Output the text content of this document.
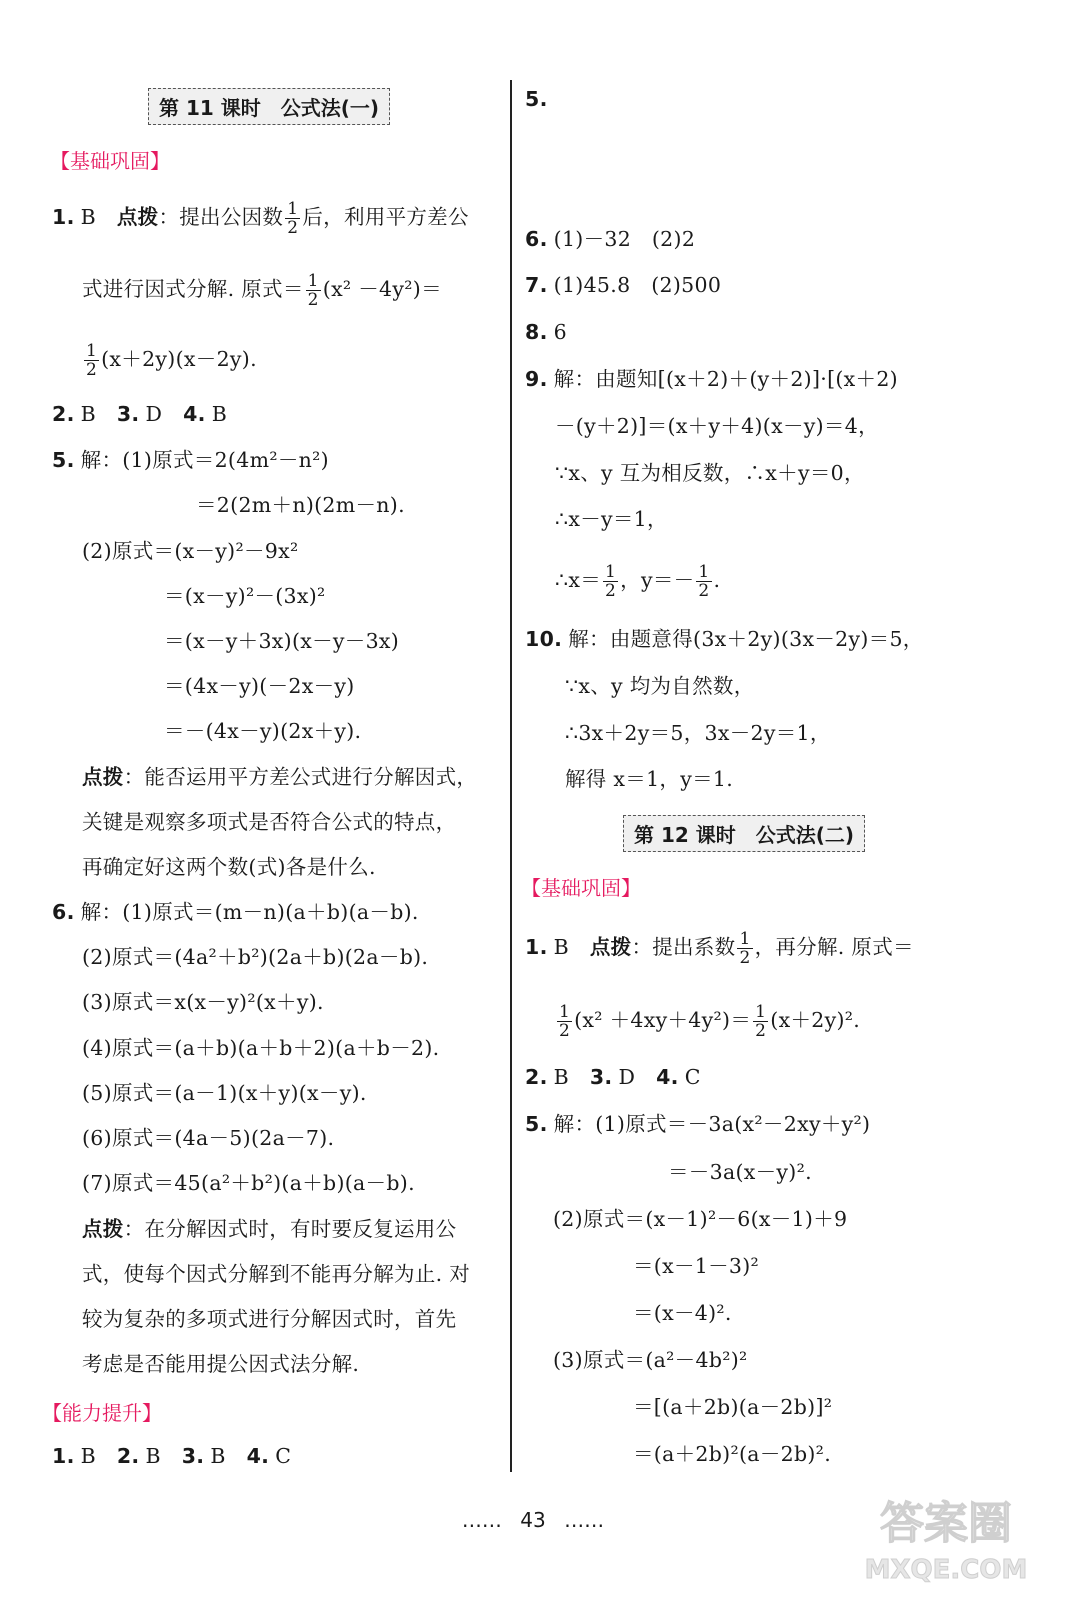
第 11 课时　公式法(一)
【基础巩固】
1. B　点拨：提出公因数 $\frac{1}{2}$ 后，利用平方差公
式进行因式分解. 原式＝ $\frac{1}{2} (x^2 -4y^2)=$
$\frac{1}{2} (x+2y)(x-2y)$.
2. B 3. D 4. B
5. 解：(1)原式＝2(4m²－n²)
＝2(2m＋n)(2m－n).
(2)原式＝(x－y)²－9x²
＝(x－y)²－(3x)²
＝(x－y＋3x)(x－y－3x)
＝(4x－y)(－2x－y)
＝－(4x－y)(2x＋y).
点拨：能否运用平方差公式进行分解因式，
关键是观察多项式是否符合公式的特点，
再确定好这两个数(式)各是什么.
6. 解：(1)原式＝(m－n)(a＋b)(a－b).
(2)原式＝(4a²＋b²)(2a＋b)(2a－b).
(3)原式＝x(x－y)²(x＋y).
(4)原式＝(a＋b)(a＋b＋2)(a＋b－2).
(5)原式＝(a－1)(x＋y)(x－y).
(6)原式＝(4a－5)(2a－7).
(7)原式＝45(a²＋b²)(a＋b)(a－b).
点拨：在分解因式时，有时要反复运用公
式，使每个因式分解到不能再分解为止. 对
较为复杂的多项式进行分解因式时，首先
考虑是否能用提公因式法分解.
【能力提升】
1. B 2. B 3. B 4. C
5.
6. (1)－32　(2)2
7. (1)45.8　(2)500
8. 6
9. 解：由题知[(x＋2)＋(y＋2)]·[(x＋2)
－(y＋2)]＝(x＋y＋4)(x－y)＝4，
∵x、y 互为相反数，∴x＋y＝0，
∴x－y＝1，
∴x＝ $\frac{1}{2}$ ，$y=- \frac{1}{2}$ .
10. 解：由题意得(3x＋2y)(3x－2y)＝5，
∵x、y 均为自然数，
∴3x＋2y＝5，3x－2y＝1，
解得 x＝1，y＝1.
第 12 课时　公式法(二)
【基础巩固】
1. B　点拨：提出系数 $\frac{1}{2}$ ，再分解. 原式＝
$\frac{1}{2} (x^2 +4xy+4y^2)= \frac{1}{2} (x+2y)^2$.
2. B 3. D 4. C
5. 解：(1)原式＝－3a(x²－2xy＋y²)
＝－3a(x－y)².
(2)原式＝(x－1)²－6(x－1)＋9
＝(x－1－3)²
＝(x－4)².
(3)原式＝(a²－4b²)²
＝[(a＋2b)(a－2b)]²
＝(a＋2b)²(a－2b)².
…… 43 ……	答案圈
MXQE.COM
